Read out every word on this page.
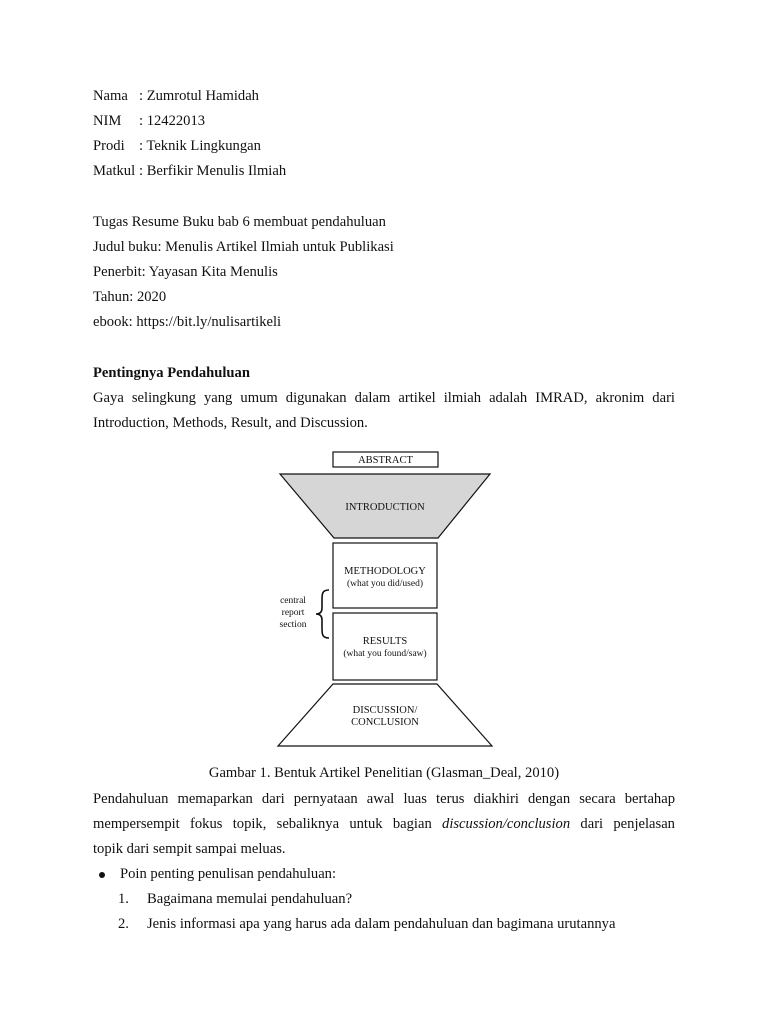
Nama : Zumrotul Hamidah
NIM : 12422013
Prodi : Teknik Lingkungan
Matkul : Berfikir Menulis Ilmiah
Tugas Resume Buku bab 6 membuat pendahuluan
Judul buku: Menulis Artikel Ilmiah untuk Publikasi
Penerbit: Yayasan Kita Menulis
Tahun: 2020
ebook: https://bit.ly/nulisartikeli
Pentingnya Pendahuluan
Gaya selingkung yang umum digunakan dalam artikel ilmiah adalah IMRAD, akronim dari
Introduction, Methods, Result, and Discussion.
ABSTRACT
INTRODUCTION
METHODOLOGY
(what you did/used)
RESULTS
(what you found/saw)
DISCUSSION/
CONCLUSION
central
report
section
Gambar 1. Bentuk Artikel Penelitian (Glasman_Deal, 2010)
Pendahuluan memaparkan dari pernyataan awal luas terus diakhiri dengan secara bertahap
mempersempit fokus topik, sebaliknya untuk bagian discussion/conclusion dari penjelasan
topik dari sempit sampai meluas.
Poin penting penulisan pendahuluan:
1. Bagaimana memulai pendahuluan?
2. Jenis informasi apa yang harus ada dalam pendahuluan dan bagimana urutannya
